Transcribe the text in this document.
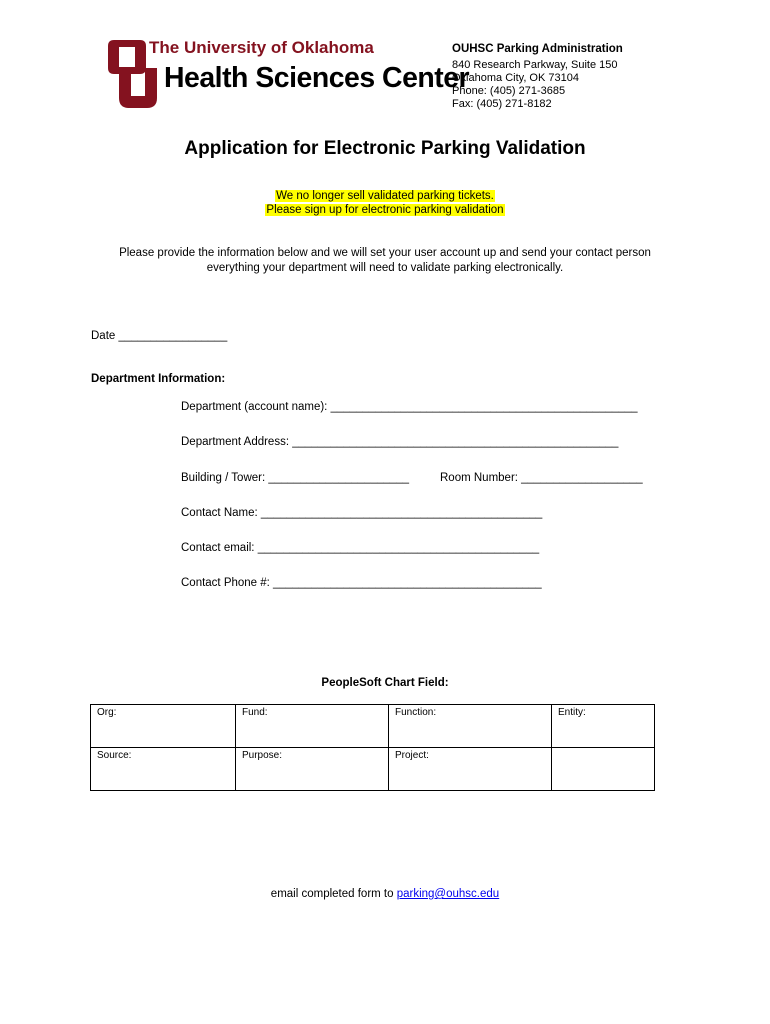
The University of Oklahoma
Health Sciences Center
OUHSC Parking Administration
840 Research Parkway, Suite 150
Oklahoma City, OK 73104
Phone: (405) 271-3685
Fax: (405) 271-8182
Application for Electronic Parking Validation
We no longer sell validated parking tickets.
Please sign up for electronic parking validation
Please provide the information below and we will set your user account up and send your contact person
everything your department will need to validate parking electronically.
Date _________________
Department Information:
Department (account name): ________________________________________________
Department Address: ___________________________________________________
Building / Tower: ______________________	Room Number: ___________________
Contact Name: ____________________________________________
Contact email: ____________________________________________
Contact Phone #: __________________________________________
PeopleSoft Chart Field:
Org:	Fund:	Function:	Entity:
Source:	Purpose:	Project:	
email completed form to parking@ouhsc.edu
